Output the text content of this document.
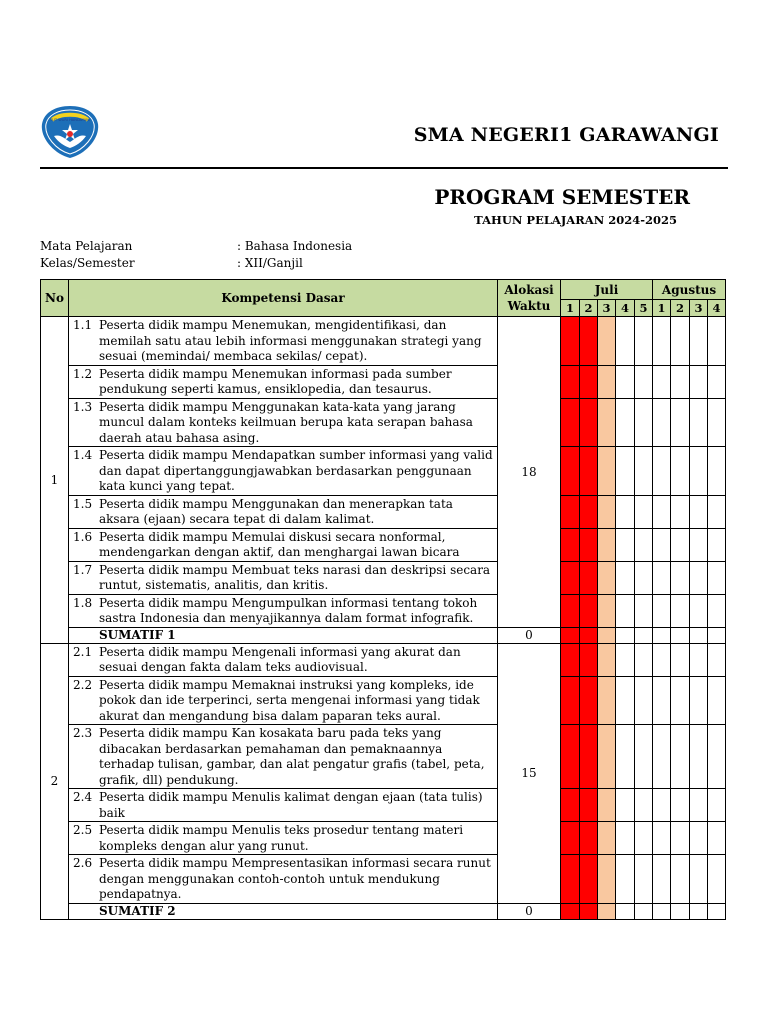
TUT WURI HANDAYANI
SMA NEGERI1 GARAWANGI
PROGRAM SEMESTER
TAHUN PELAJARAN 2024-2025
Mata Pelajaran	: Bahasa Indonesia
Kelas/Semester	: XII/Ganjil
No	Kompetensi Dasar	Alokasi Waktu	Juli					Agustus			
			1	2	3	4	5	1	2	3	4
1	1.1 Peserta didik mampu Menemukan, mengidentifikasi, dan memilah satu atau lebih informasi menggunakan strategi yang sesuai (memindai/ membaca sekilas/ cepat).	18									
	1.2 Peserta didik mampu Menemukan informasi pada sumber pendukung seperti kamus, ensiklopedia, dan tesaurus.										
	1.3 Peserta didik mampu Menggunakan kata-kata yang jarang muncul dalam konteks keilmuan berupa kata serapan bahasa daerah atau bahasa asing.										
	1.4 Peserta didik mampu Mendapatkan sumber informasi yang valid dan dapat dipertanggungjawabkan berdasarkan penggunaan kata kunci yang tepat.										
	1.5 Peserta didik mampu Menggunakan dan menerapkan tata aksara (ejaan) secara tepat di dalam kalimat.										
	1.6 Peserta didik mampu Memulai diskusi secara nonformal, mendengarkan dengan aktif, dan menghargai lawan bicara										
	1.7 Peserta didik mampu Membuat teks narasi dan deskripsi secara runtut, sistematis, analitis, dan kritis.										
	1.8 Peserta didik mampu Mengumpulkan informasi tentang tokoh sastra Indonesia dan menyajikannya dalam format infografik.										
	SUMATIF 1	0									
2	2.1 Peserta didik mampu Mengenali informasi yang akurat dan sesuai dengan fakta dalam teks audiovisual.	15									
	2.2 Peserta didik mampu Memaknai instruksi yang kompleks, ide pokok dan ide terperinci, serta mengenai informasi yang tidak akurat dan mengandung bisa dalam paparan teks aural.										
	2.3 Peserta didik mampu Kan kosakata baru pada teks yang dibacakan berdasarkan pemahaman dan pemaknaannya terhadap tulisan, gambar, dan alat pengatur grafis (tabel, peta, grafik, dll) pendukung.										
	2.4 Peserta didik mampu Menulis kalimat dengan ejaan (tata tulis) baik										
	2.5 Peserta didik mampu Menulis teks prosedur tentang materi kompleks dengan alur yang runut.										
	2.6 Peserta didik mampu Mempresentasikan informasi secara runut dengan menggunakan contoh-contoh untuk mendukung pendapatnya.										
	SUMATIF 2	0									
